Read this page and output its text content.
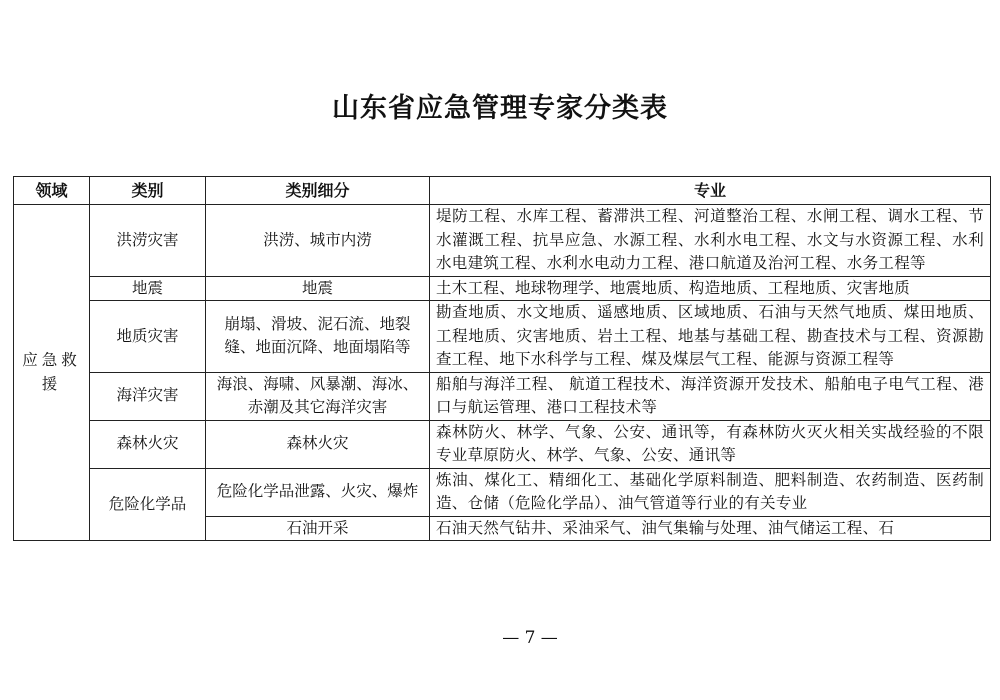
山东省应急管理专家分类表
领域	类别	类别细分	专业
应急救援	洪涝灾害	洪涝、城市内涝	堤防工程、水库工程、蓄滞洪工程、河道整治工程、水闸工程、调水工程、节水灌溉工程、抗旱应急、水源工程、水利水电工程、水文与水资源工程、水利水电建筑工程、水利水电动力工程、港口航道及治河工程、水务工程等
	地震	地震	土木工程、地球物理学、地震地质、构造地质、工程地质、灾害地质
	地质灾害	崩塌、滑坡、泥石流、地裂缝、地面沉降、地面塌陷等	勘查地质、水文地质、遥感地质、区域地质、石油与天然气地质、煤田地质、工程地质、灾害地质、岩土工程、地基与基础工程、勘查技术与工程、资源勘查工程、地下水科学与工程、煤及煤层气工程、能源与资源工程等
	海洋灾害	海浪、海啸、风暴潮、海冰、赤潮及其它海洋灾害	船舶与海洋工程、 航道工程技术、海洋资源开发技术、船舶电子电气工程、港口与航运管理、港口工程技术等
	森林火灾	森林火灾	森林防火、林学、气象、公安、通讯等，有森林防火灭火相关实战经验的不限专业草原防火、林学、气象、公安、通讯等
	危险化学品	危险化学品泄露、火灾、爆炸	炼油、煤化工、精细化工、基础化学原料制造、肥料制造、农药制造、医药制造、仓储（危险化学品）、油气管道等行业的有关专业
		石油开采	石油天然气钻井、采油采气、油气集输与处理、油气储运工程、石
— 7 —
